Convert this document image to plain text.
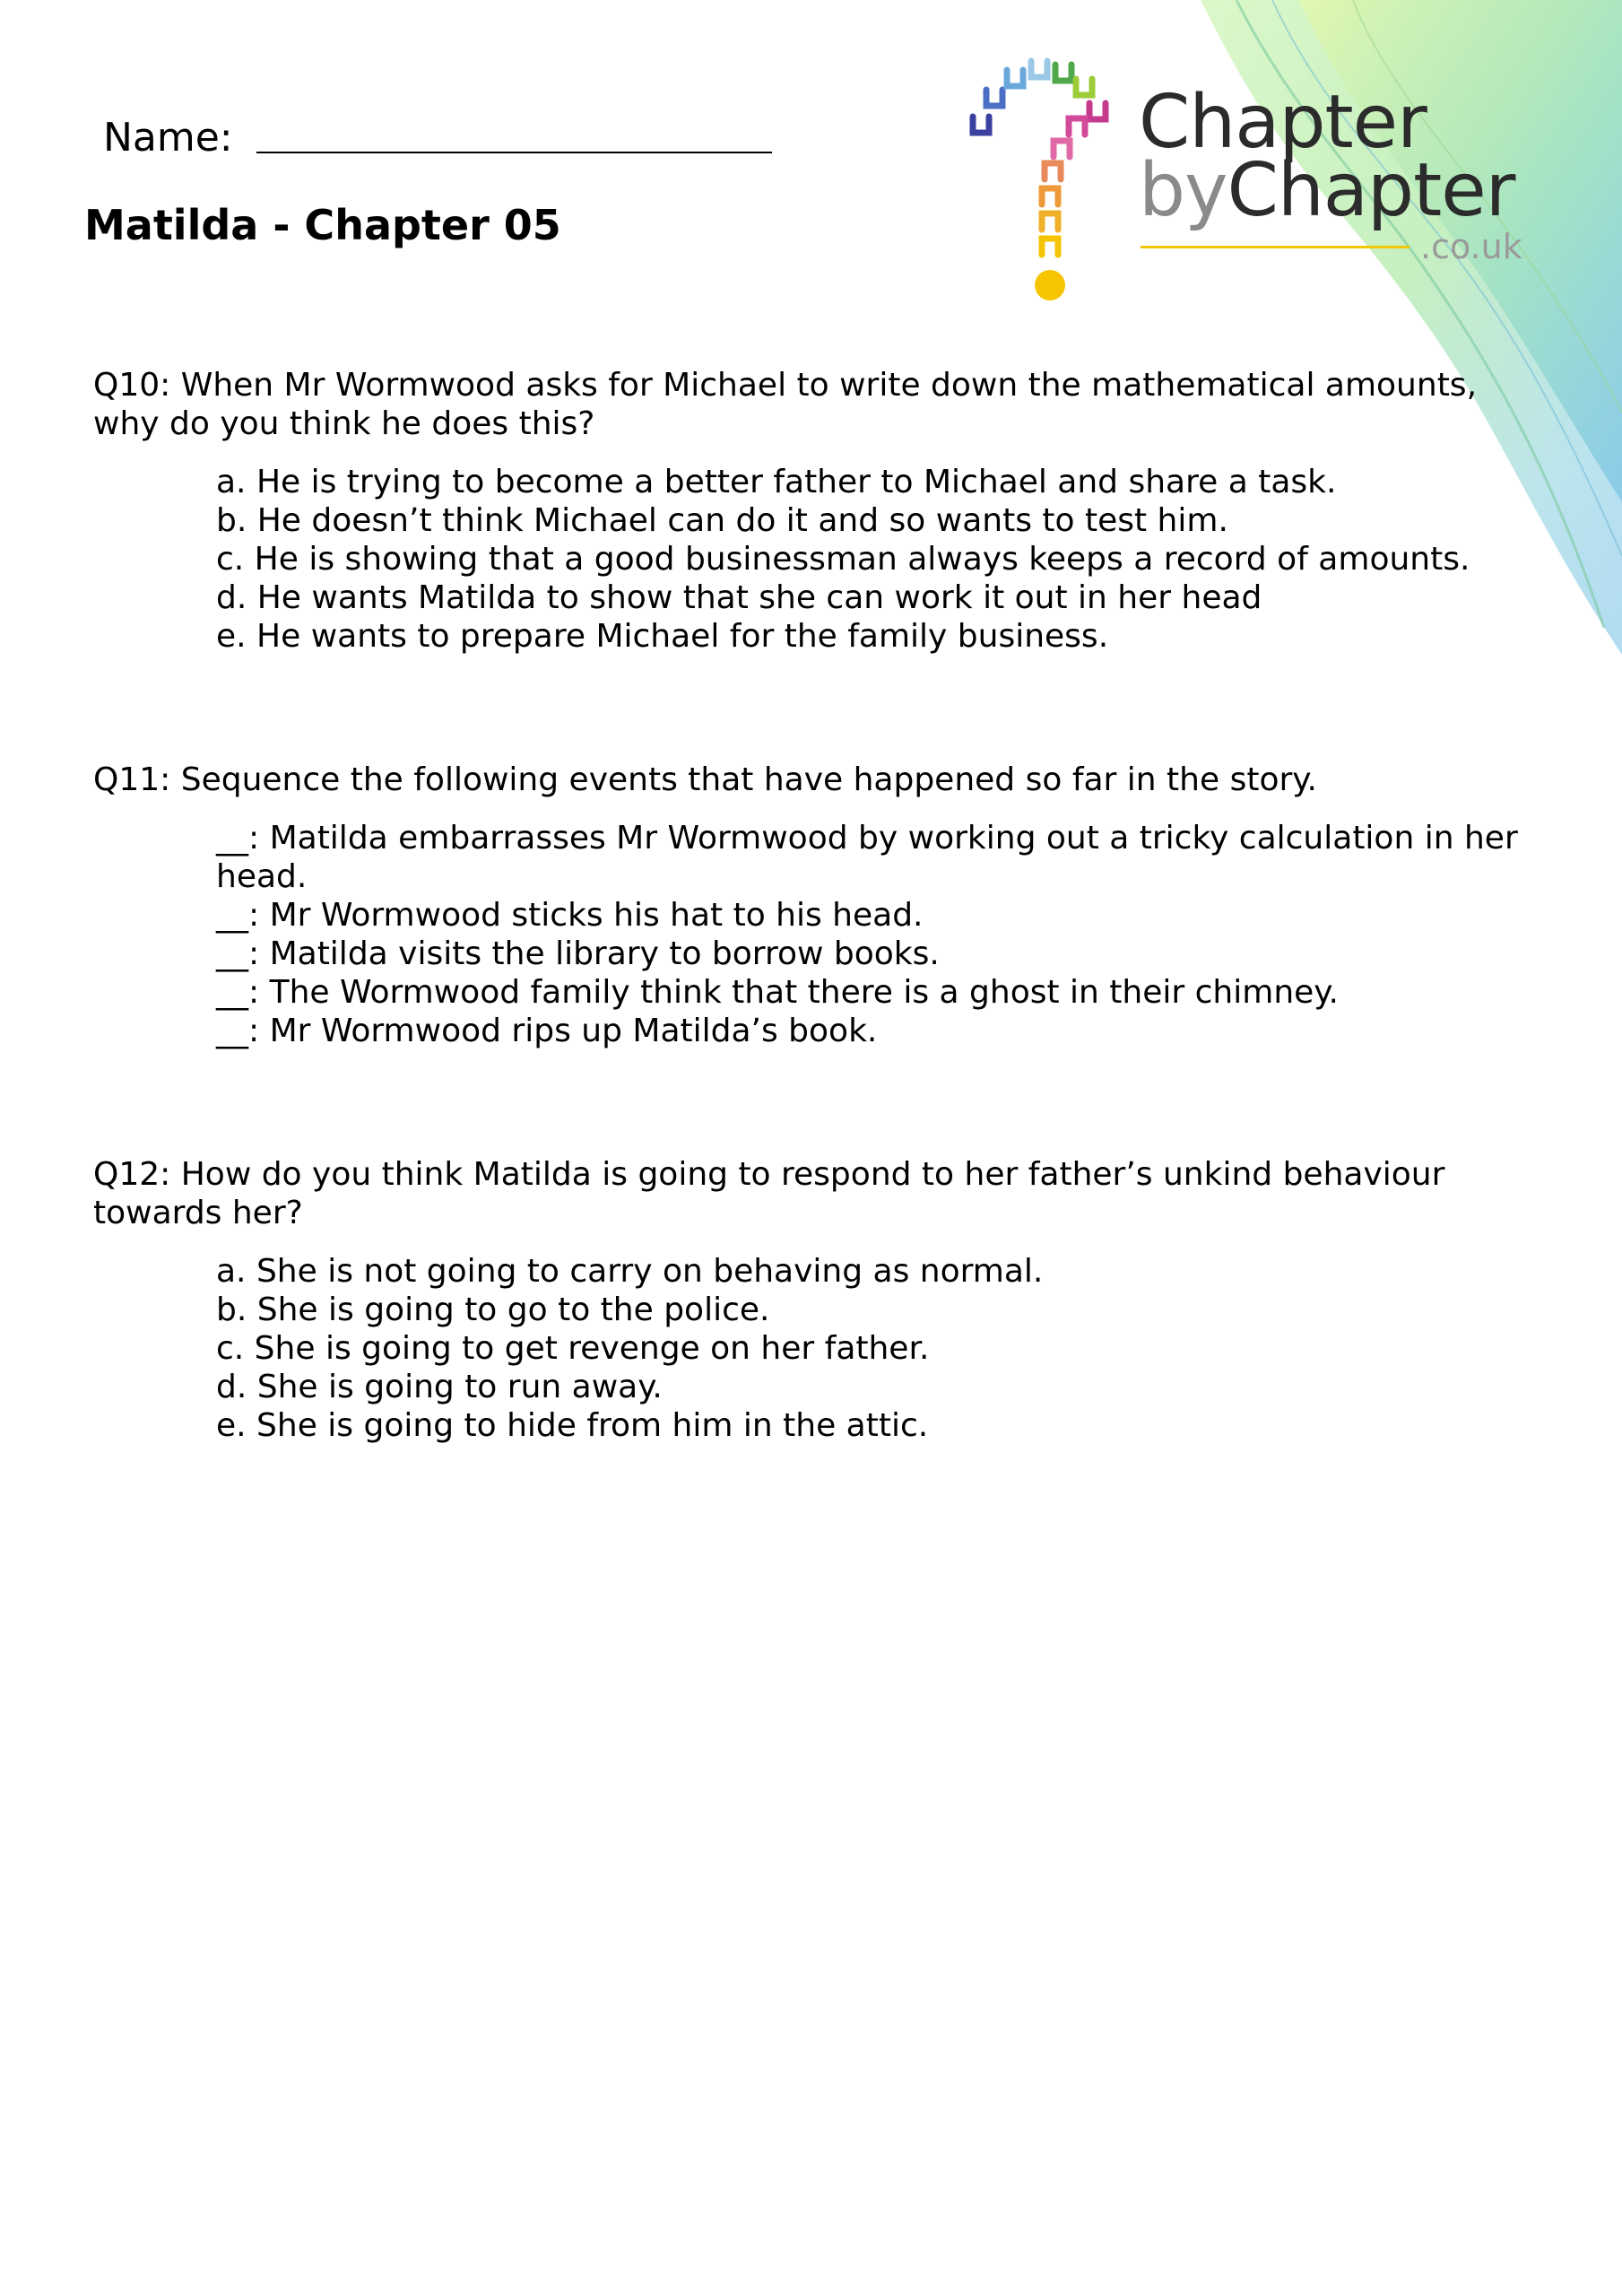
Name:
Matilda - Chapter 05
Chapter
byChapter
.co.uk
Q10: When Mr Wormwood asks for Michael to write down the mathematical amounts, why do you think he does this?
a. He is trying to become a better father to Michael and share a task.
b. He doesn’t think Michael can do it and so wants to test him.
c. He is showing that a good businessman always keeps a record of amounts.
d. He wants Matilda to show that she can work it out in her head
e. He wants to prepare Michael for the family business.
Q11: Sequence the following events that have happened so far in the story.
__: Matilda embarrasses Mr Wormwood by working out a tricky calculation in her head.
__: Mr Wormwood sticks his hat to his head.
__: Matilda visits the library to borrow books.
__: The Wormwood family think that there is a ghost in their chimney.
__: Mr Wormwood rips up Matilda’s book.
Q12: How do you think Matilda is going to respond to her father’s unkind behaviour towards her?
a. She is not going to carry on behaving as normal.
b. She is going to go to the police.
c. She is going to get revenge on her father.
d. She is going to run away.
e. She is going to hide from him in the attic.
